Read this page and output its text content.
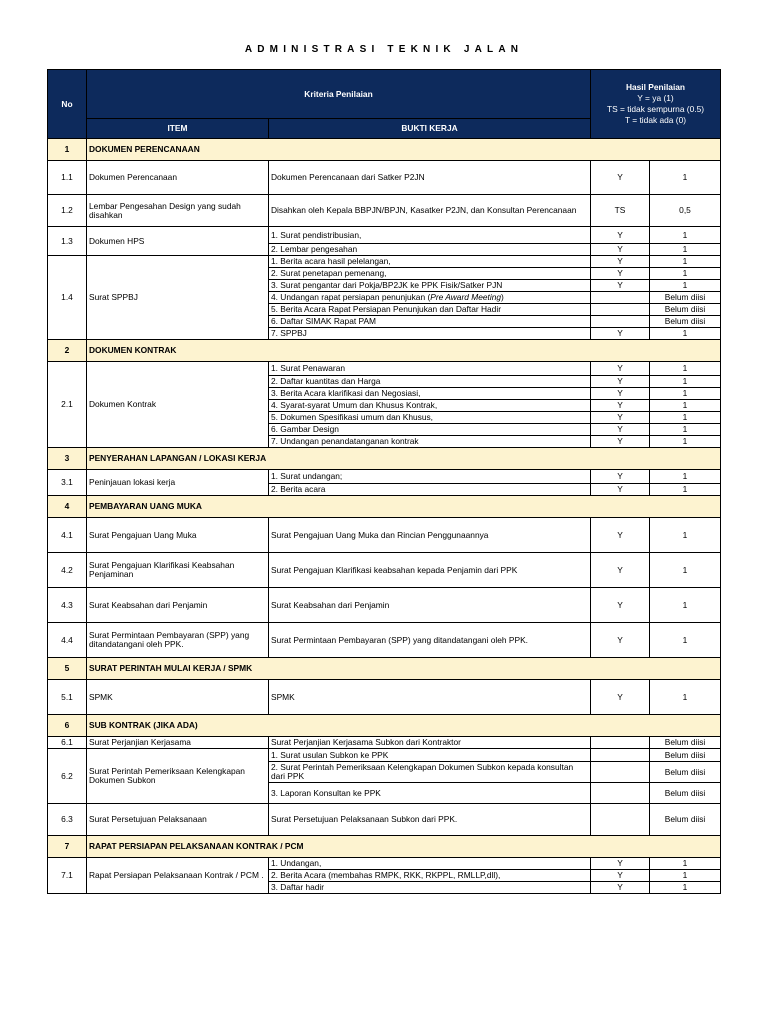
ADMINISTRASI TEKNIK JALAN
No	Kriteria Penilaian		Hasil Penilaian
Y = ya (1)
TS = tidak sempurna (0.5)
T = tidak ada (0)	

	ITEM	BUKTI KERJA		
1	DOKUMEN PERENCANAAN			
1.1	Dokumen Perencanaan	Dokumen Perencanaan dari Satker P2JN	Y	1
1.2	Lembar Pengesahan Design yang sudah disahkan	Disahkan oleh Kepala BBPJN/BPJN, Kasatker P2JN, dan Konsultan Perencanaan	TS	0,5
1.3	Dokumen HPS	1. Surat pendistribusian,	Y	1
		2. Lembar pengesahan	Y	1
1.4	Surat SPPBJ	1. Berita acara hasil pelelangan,	Y	1
		2. Surat penetapan pemenang,	Y	1
		3. Surat pengantar dari Pokja/BP2JK ke PPK Fisik/Satker PJN	Y	1
		4. Undangan rapat persiapan penunjukan (Pre Award Meeting)		Belum diisi
		5. Berita Acara Rapat Persiapan Penunjukan dan Daftar Hadir		Belum diisi
		6. Daftar SIMAK Rapat PAM		Belum diisi
		7. SPPBJ	Y	1
2	DOKUMEN KONTRAK			
2.1	Dokumen Kontrak	1. Surat Penawaran	Y	1
		2. Daftar kuantitas dan Harga	Y	1
		3. Berita Acara klarifikasi dan Negosiasi,	Y	1
		4. Syarat-syarat Umum dan Khusus Kontrak,	Y	1
		5. Dokumen Spesifikasi umum dan Khusus,	Y	1
		6. Gambar Design	Y	1
		7. Undangan penandatanganan kontrak	Y	1
3	PENYERAHAN LAPANGAN / LOKASI KERJA			
3.1	Peninjauan lokasi kerja	1. Surat undangan;	Y	1
		2. Berita acara	Y	1
4	PEMBAYARAN UANG MUKA			
4.1	Surat Pengajuan Uang Muka	Surat Pengajuan Uang Muka dan Rincian Penggunaannya	Y	1
4.2	Surat Pengajuan Klarifikasi Keabsahan Penjaminan	Surat Pengajuan Klarifikasi keabsahan kepada Penjamin dari PPK	Y	1
4.3	Surat Keabsahan dari Penjamin	Surat Keabsahan dari Penjamin	Y	1
4.4	Surat Permintaan Pembayaran (SPP) yang ditandatangani oleh PPK.	Surat Permintaan Pembayaran (SPP) yang ditandatangani oleh PPK.	Y	1
5	SURAT PERINTAH MULAI KERJA / SPMK			
5.1	SPMK	SPMK	Y	1
6	SUB KONTRAK (JIKA ADA)			
6.1	Surat Perjanjian Kerjasama	Surat Perjanjian Kerjasama Subkon dari Kontraktor		Belum diisi
6.2	Surat Perintah Pemeriksaan Kelengkapan Dokumen Subkon	1. Surat usulan Subkon ke PPK		Belum diisi
		2. Surat Perintah Pemeriksaan Kelengkapan Dokumen Subkon kepada konsultan dari PPK		Belum diisi
		3. Laporan Konsultan ke PPK		Belum diisi
6.3	Surat Persetujuan Pelaksanaan	Surat Persetujuan Pelaksanaan Subkon dari PPK.		Belum diisi
7	RAPAT PERSIAPAN PELAKSANAAN KONTRAK / PCM			
7.1	Rapat Persiapan Pelaksanaan Kontrak / PCM .	1. Undangan,	Y	1
		2. Berita Acara (membahas RMPK, RKK, RKPPL, RMLLP,dll),	Y	1
		3. Daftar hadir	Y	1
